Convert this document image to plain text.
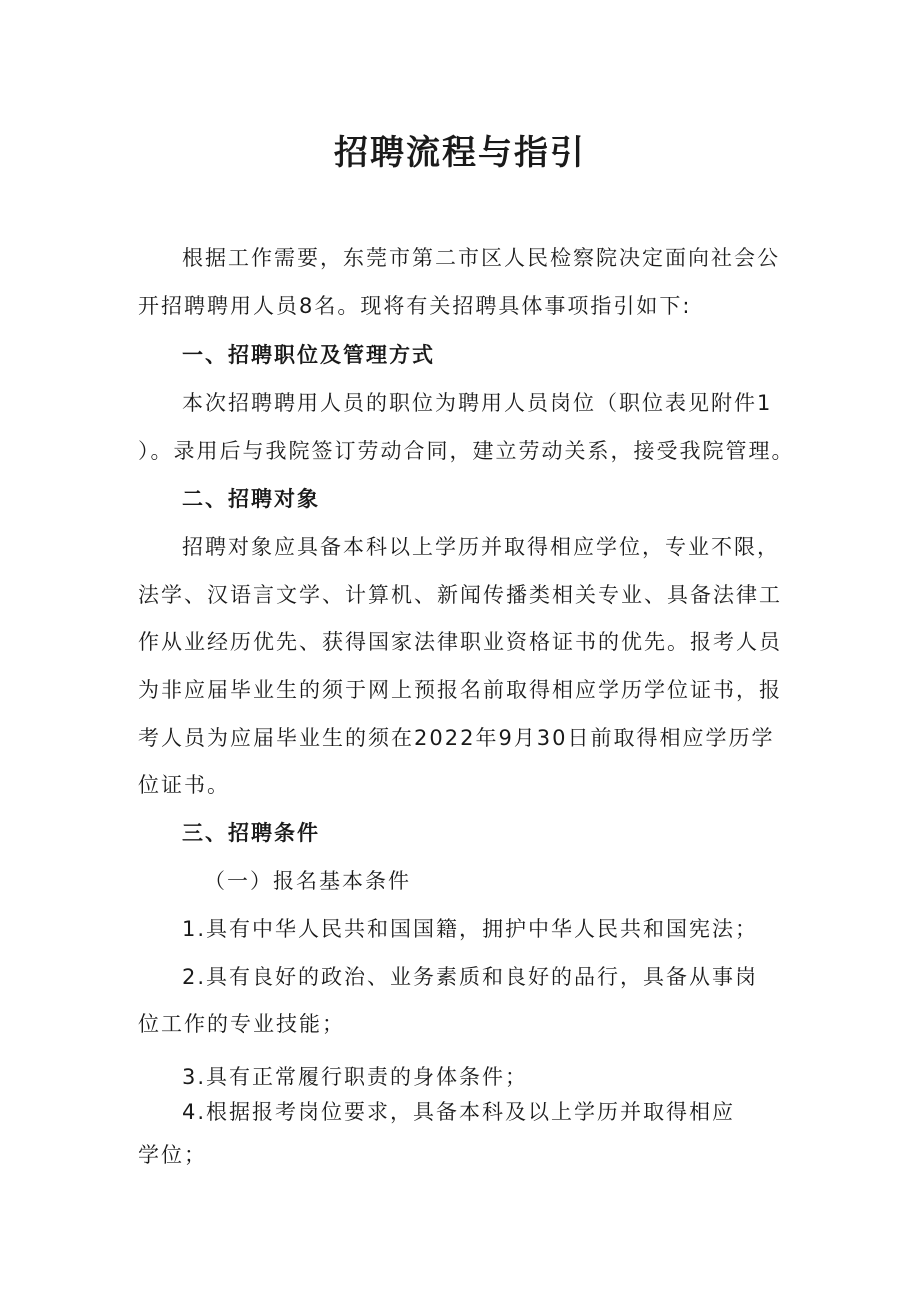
招聘流程与指引

根据工作需要，东莞市第二市区人民检察院决定面向社会公

开招聘聘用人员8名。现将有关招聘具体事项指引如下:

一、招聘职位及管理方式

本次招聘聘用人员的职位为聘用人员岗位（职位表见附件1

）。录用后与我院签订劳动合同，建立劳动关系，接受我院管理。

二、招聘对象

招聘对象应具备本科以上学历并取得相应学位，专业不限，

法学、汉语言文学、计算机、新闻传播类相关专业、具备法律工

作从业经历优先、获得国家法律职业资格证书的优先。报考人员

为非应届毕业生的须于网上预报名前取得相应学历学位证书，报

考人员为应届毕业生的须在2022年9月30日前取得相应学历学

位证书。

三、招聘条件

（一）报名基本条件

1.具有中华人民共和国国籍，拥护中华人民共和国宪法；

2.具有良好的政治、业务素质和良好的品行，具备从事岗

位工作的专业技能；

3.具有正常履行职责的身体条件；

4.根据报考岗位要求，具备本科及以上学历并取得相应

学位；
